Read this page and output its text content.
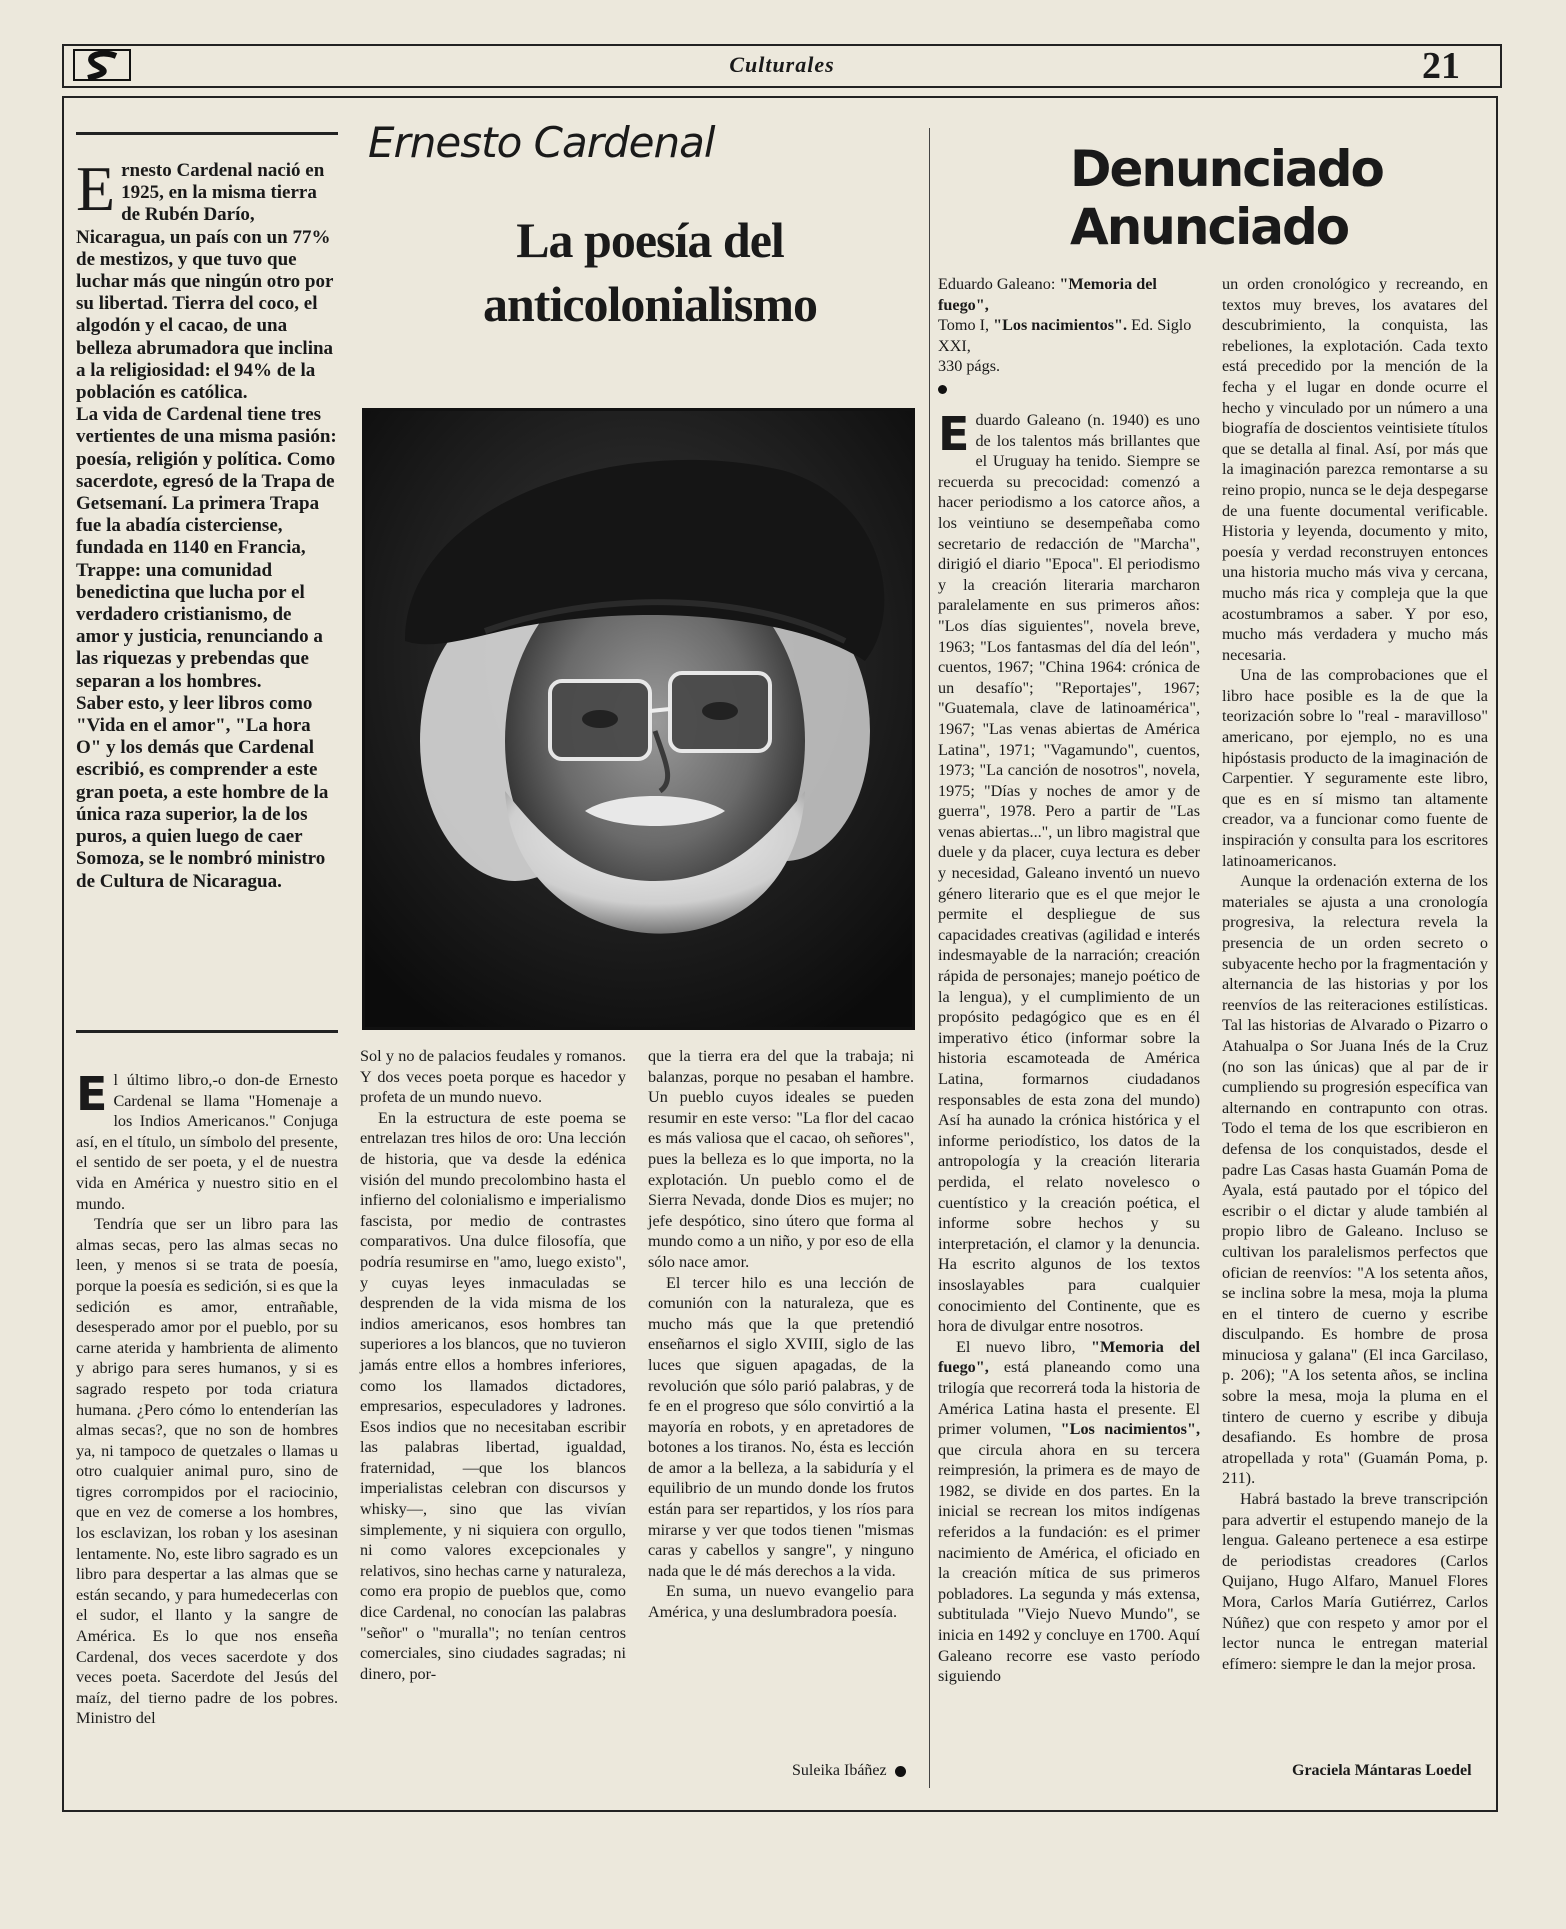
Culturales	21

Ernesto Cardenal nació en 1925, en la misma tierra de Rubén Darío, Nicaragua, un país con un 77% de mestizos, y que tuvo que luchar más que ningún otro por su libertad. Tierra del coco, el algodón y el cacao, de una belleza abrumadora que inclina a la religiosidad: el 94% de la población es católica.

La vida de Cardenal tiene tres vertientes de una misma pasión: poesía, religión y política. Como sacerdote, egresó de la Trapa de Getsemaní. La primera Trapa fue la abadía cisterciense, fundada en 1140 en Francia, Trappe: una comunidad benedictina que lucha por el verdadero cristianismo, de amor y justicia, renunciando a las riquezas y prebendas que separan a los hombres.

Saber esto, y leer libros como "Vida en el amor", "La hora O" y los demás que Cardenal escribió, es comprender a este gran poeta, a este hombre de la única raza superior, la de los puros, a quien luego de caer Somoza, se le nombró ministro de Cultura de Nicaragua.

Ernesto Cardenal
La poesía del
anticolonialismo

El último libro,-o don-de Ernesto Cardenal se llama "Homenaje a los Indios Americanos." Conjuga así, en el título, un símbolo del presente, el sentido de ser poeta, y el de nuestra vida en América y nuestro sitio en el mundo.

Tendría que ser un libro para las almas secas, pero las almas secas no leen, y menos si se trata de poesía, porque la poesía es sedición, si es que la sedición es amor, entrañable, desesperado amor por el pueblo, por su carne aterida y hambrienta de alimento y abrigo para seres humanos, y si es sagrado respeto por toda criatura humana. ¿Pero cómo lo entenderían las almas secas?, que no son de hombres ya, ni tampoco de quetzales o llamas u otro cualquier animal puro, sino de tigres corrompidos por el raciocinio, que en vez de comerse a los hombres, los esclavizan, los roban y los asesinan lentamente. No, este libro sagrado es un libro para despertar a las almas que se están secando, y para humedecerlas con el sudor, el llanto y la sangre de América. Es lo que nos enseña Cardenal, dos veces sacerdote y dos veces poeta. Sacerdote del Jesús del maíz, del tierno padre de los pobres. Ministro del

Sol y no de palacios feudales y romanos. Y dos veces poeta porque es hacedor y profeta de un mundo nuevo.

En la estructura de este poema se entrelazan tres hilos de oro: Una lección de historia, que va desde la edénica visión del mundo precolombino hasta el infierno del colonialismo e imperialismo fascista, por medio de contrastes comparativos. Una dulce filosofía, que podría resumirse en "amo, luego existo", y cuyas leyes inmaculadas se desprenden de la vida misma de los indios americanos, esos hombres tan superiores a los blancos, que no tuvieron jamás entre ellos a hombres inferiores, como los llamados dictadores, empresarios, especuladores y ladrones. Esos indios que no necesitaban escribir las palabras libertad, igualdad, fraternidad, —que los blancos imperialistas celebran con discursos y whisky—, sino que las vivían simplemente, y ni siquiera con orgullo, ni como valores excepcionales y relativos, sino hechas carne y naturaleza, como era propio de pueblos que, como dice Cardenal, no conocían las palabras "señor" o "muralla"; no tenían centros comerciales, sino ciudades sagradas; ni dinero, por-

que la tierra era del que la trabaja; ni balanzas, porque no pesaban el hambre. Un pueblo cuyos ideales se pueden resumir en este verso: "La flor del cacao es más valiosa que el cacao, oh señores", pues la belleza es lo que importa, no la explotación. Un pueblo como el de Sierra Nevada, donde Dios es mujer; no jefe despótico, sino útero que forma al mundo como a un niño, y por eso de ella sólo nace amor.

El tercer hilo es una lección de comunión con la naturaleza, que es mucho más que la que pretendió enseñarnos el siglo XVIII, siglo de las luces que siguen apagadas, de la revolución que sólo parió palabras, y de fe en el progreso que sólo convirtió a la mayoría en robots, y en apretadores de botones a los tiranos. No, ésta es lección de amor a la belleza, a la sabiduría y el equilibrio de un mundo donde los frutos están para ser repartidos, y los ríos para mirarse y ver que todos tienen "mismas caras y cabellos y sangre", y ninguno nada que le dé más derechos a la vida.

En suma, un nuevo evangelio para América, y una deslumbradora poesía.

Suleika Ibáñez
Denunciado
Anunciado

Eduardo Galeano: "Memoria del fuego",

Tomo I, "Los nacimientos". Ed. Siglo XXI,

330 págs.

Eduardo Galeano (n. 1940) es uno de los talentos más brillantes que el Uruguay ha tenido. Siempre se recuerda su precocidad: comenzó a hacer periodismo a los catorce años, a los veintiuno se desempeñaba como secretario de redacción de "Marcha", dirigió el diario "Epoca". El periodismo y la creación literaria marcharon paralelamente en sus primeros años: "Los días siguientes", novela breve, 1963; "Los fantasmas del día del león", cuentos, 1967; "China 1964: crónica de un desafío"; "Reportajes", 1967; "Guatemala, clave de latinoamérica", 1967; "Las venas abiertas de América Latina", 1971; "Vagamundo", cuentos, 1973; "La canción de nosotros", novela, 1975; "Días y noches de amor y de guerra", 1978. Pero a partir de "Las venas abiertas...", un libro magistral que duele y da placer, cuya lectura es deber y necesidad, Galeano inventó un nuevo género literario que es el que mejor le permite el despliegue de sus capacidades creativas (agilidad e interés indesmayable de la narración; creación rápida de personajes; manejo poético de la lengua), y el cumplimiento de un propósito pedagógico que es en él imperativo ético (informar sobre la historia escamoteada de América Latina, formarnos ciudadanos responsables de esta zona del mundo) Así ha aunado la crónica histórica y el informe periodístico, los datos de la antropología y la creación literaria perdida, el relato novelesco o cuentístico y la creación poética, el informe sobre hechos y su interpretación, el clamor y la denuncia. Ha escrito algunos de los textos insoslayables para cualquier conocimiento del Continente, que es hora de divulgar entre nosotros.

El nuevo libro, "Memoria del fuego", está planeando como una trilogía que recorrerá toda la historia de América Latina hasta el presente. El primer volumen, "Los nacimientos", que circula ahora en su tercera reimpresión, la primera es de mayo de 1982, se divide en dos partes. En la inicial se recrean los mitos indígenas referidos a la fundación: es el primer nacimiento de América, el oficiado en la creación mítica de sus primeros pobladores. La segunda y más extensa, subtitulada "Viejo Nuevo Mundo", se inicia en 1492 y concluye en 1700. Aquí Galeano recorre ese vasto período siguiendo

un orden cronológico y recreando, en textos muy breves, los avatares del descubrimiento, la conquista, las rebeliones, la explotación. Cada texto está precedido por la mención de la fecha y el lugar en donde ocurre el hecho y vinculado por un número a una biografía de doscientos veintisiete títulos que se detalla al final. Así, por más que la imaginación parezca remontarse a su reino propio, nunca se le deja despegarse de una fuente documental verificable. Historia y leyenda, documento y mito, poesía y verdad reconstruyen entonces una historia mucho más viva y cercana, mucho más rica y compleja que la que acostumbramos a saber. Y por eso, mucho más verdadera y mucho más necesaria.

Una de las comprobaciones que el libro hace posible es la de que la teorización sobre lo "real - maravilloso" americano, por ejemplo, no es una hipóstasis producto de la imaginación de Carpentier. Y seguramente este libro, que es en sí mismo tan altamente creador, va a funcionar como fuente de inspiración y consulta para los escritores latinoamericanos.

Aunque la ordenación externa de los materiales se ajusta a una cronología progresiva, la relectura revela la presencia de un orden secreto o subyacente hecho por la fragmentación y alternancia de las historias y por los reenvíos de las reiteraciones estilísticas. Tal las historias de Alvarado o Pizarro o Atahualpa o Sor Juana Inés de la Cruz (no son las únicas) que al par de ir cumpliendo su progresión específica van alternando en contrapunto con otras. Todo el tema de los que escribieron en defensa de los conquistados, desde el padre Las Casas hasta Guamán Poma de Ayala, está pautado por el tópico del escribir o el dictar y alude también al propio libro de Galeano. Incluso se cultivan los paralelismos perfectos que ofician de reenvíos: "A los setenta años, se inclina sobre la mesa, moja la pluma en el tintero de cuerno y escribe disculpando. Es hombre de prosa minuciosa y galana" (El inca Garcilaso, p. 206); "A los setenta años, se inclina sobre la mesa, moja la pluma en el tintero de cuerno y escribe y dibuja desafiando. Es hombre de prosa atropellada y rota" (Guamán Poma, p. 211).

Habrá bastado la breve transcripción para advertir el estupendo manejo de la lengua. Galeano pertenece a esa estirpe de periodistas creadores (Carlos Quijano, Hugo Alfaro, Manuel Flores Mora, Carlos María Gutiérrez, Carlos Núñez) que con respeto y amor por el lector nunca le entregan material efímero: siempre le dan la mejor prosa.

Graciela Mántaras Loedel
